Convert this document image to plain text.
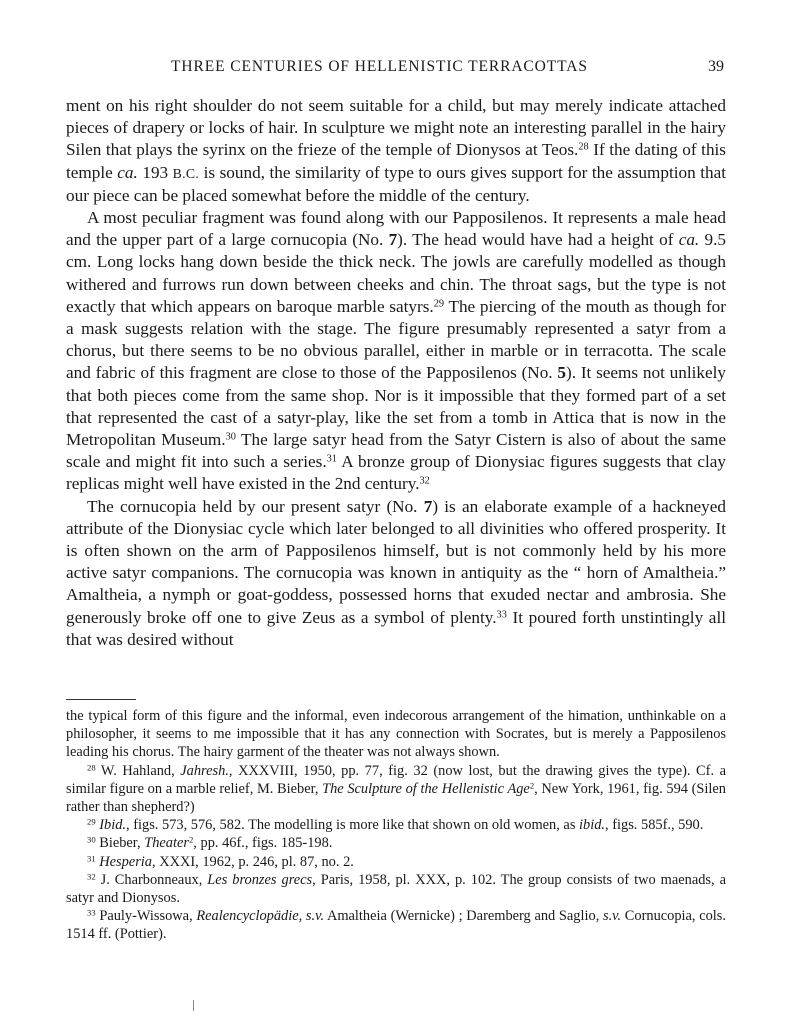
THREE CENTURIES OF HELLENISTIC TERRACOTTAS	39

ment on his right shoulder do not seem suitable for a child, but may merely indicate attached pieces of drapery or locks of hair. In sculpture we might note an interesting parallel in the hairy Silen that plays the syrinx on the frieze of the temple of Dionysos at Teos.$^{28}$ If the dating of this temple ca. 193 B.C. is sound, the similarity of type to ours gives support for the assumption that our piece can be placed somewhat before the middle of the century.

A most peculiar fragment was found along with our Papposilenos. It represents a male head and the upper part of a large cornucopia (No. 7). The head would have had a height of ca. 9.5 cm. Long locks hang down beside the thick neck. The jowls are carefully modelled as though withered and furrows run down between cheeks and chin. The throat sags, but the type is not exactly that which appears on baroque marble satyrs.$^{29}$ The piercing of the mouth as though for a mask suggests relation with the stage. The figure presumably represented a satyr from a chorus, but there seems to be no obvious parallel, either in marble or in terracotta. The scale and fabric of this fragment are close to those of the Papposilenos (No. 5). It seems not unlikely that both pieces come from the same shop. Nor is it impossible that they formed part of a set that represented the cast of a satyr-play, like the set from a tomb in Attica that is now in the Metropolitan Museum.$^{30}$ The large satyr head from the Satyr Cistern is also of about the same scale and might fit into such a series.$^{31}$ A bronze group of Dionysiac figures suggests that clay replicas might well have existed in the 2nd century.$^{32}$

The cornucopia held by our present satyr (No. 7) is an elaborate example of a hackneyed attribute of the Dionysiac cycle which later belonged to all divinities who offered prosperity. It is often shown on the arm of Papposilenos himself, but is not commonly held by his more active satyr companions. The cornucopia was known in antiquity as the “ horn of Amaltheia.” Amaltheia, a nymph or goat-goddess, possessed horns that exuded nectar and ambrosia. She generously broke off one to give Zeus as a symbol of plenty.$^{33}$ It poured forth unstintingly all that was desired without

the typical form of this figure and the informal, even indecorous arrangement of the himation, unthinkable on a philosopher, it seems to me impossible that it has any connection with Socrates, but is merely a Papposilenos leading his chorus. The hairy garment of the theater was not always shown.

$^{28}$ W. Hahland, Jahresh., XXXVIII, 1950, pp. 77, fig. 32 (now lost, but the drawing gives the type). Cf. a similar figure on a marble relief, M. Bieber, The Sculpture of the Hellenistic Age$^2$, New York, 1961, fig. 594 (Silen rather than shepherd?)

$^{29}$ Ibid., figs. 573, 576, 582. The modelling is more like that shown on old women, as ibid., figs. 585f., 590.

$^{30}$ Bieber, Theater$^2$, pp. 46f., figs. 185-198.

$^{31}$ Hesperia, XXXI, 1962, p. 246, pl. 87, no. 2.

$^{32}$ J. Charbonneaux, Les bronzes grecs, Paris, 1958, pl. XXX, p. 102. The group consists of two maenads, a satyr and Dionysos.

$^{33}$ Pauly-Wissowa, Realencyclopädie, s.v. Amaltheia (Wernicke) ; Daremberg and Saglio, s.v. Cornucopia, cols. 1514 ff. (Pottier).
